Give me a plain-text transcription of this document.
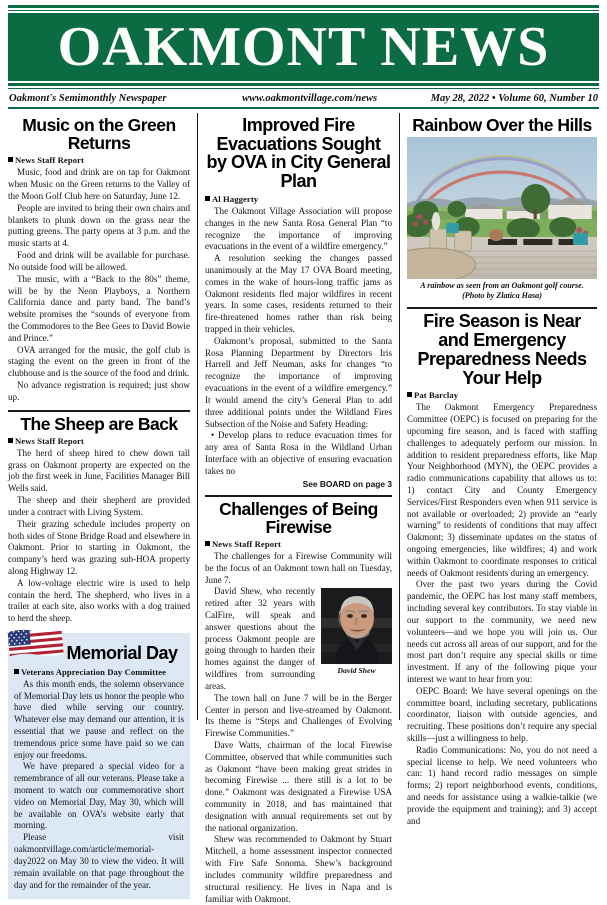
OAKMONT NEWS
Oakmont's Semimonthly Newspaper	www.oakmontvillage.com/news	May 28, 2022 • Volume 60, Number 10
Music on the Green Returns
News Staff Report

Music, food and drink are on tap for Oakmont when Music on the Green returns to the Valley of the Moon Golf Club here on Saturday, June 12.

People are invited to bring their own chairs and blankets to plunk down on the grass near the putting greens. The party opens at 3 p.m. and the music starts at 4.

Food and drink will be available for purchase. No outside food will be allowed.

The music, with a “Back to the 80s” theme, will be by the Neon Playboys, a Northern California dance and party band. The band’s website promises the “sounds of everyone from the Commodores to the Bee Gees to David Bowie and Prince.”

OVA arranged for the music, the golf club is staging the event on the green in front of the clubhouse and is the source of the food and drink.

No advance registration is required; just show up.

The Sheep are Back
News Staff Report

The herd of sheep hired to chew down tall grass on Oakmont property are expected on the job the first week in June, Facilities Manager Bill Wells said.

The sheep and their shepherd are provided under a contract with Living System.

Their grazing schedule includes property on both sides of Stone Bridge Road and elsewhere in Oakmont. Prior to starting in Oakmont, the company’s herd was grazing sub-HOA property along Highway 12.

A low-voltage electric wire is used to help contain the herd. The shepherd, who lives in a trailer at each site, also works with a dog trained to herd the sheep.

Memorial Day
Veterans Appreciation Day Committee

As this month ends, the solemn observance of Memorial Day lets us honor the people who have died while serving our country. Whatever else may demand our attention, it is essential that we pause and reflect on the tremendous price some have paid so we can enjoy our freedoms.

We have prepared a special video for a remembrance of all our veterans. Please take a moment to watch our commemorative short video on Memorial Day, May 30, which will be available on OVA’s website early that morning.

Please visit oakmontvillage.com/article/memorial-day2022 on May 30 to view the video. It will remain available on that page throughout the day and for the remainder of the year.

Improved Fire Evacuations Sought by OVA in City General Plan
Al Haggerty

The Oakmont Village Association will propose changes in the new Santa Rosa General Plan “to recognize the importance of improving evacuations in the event of a wildfire emergency.”

A resolution seeking the changes passed unanimously at the May 17 OVA Board meeting, comes in the wake of hours-long traffic jams as Oakmont residents fled major wildfires in recent years. In some cases, residents returned to their fire-threatened homes rather than risk being trapped in their vehicles.

Oakmont’s proposal, submitted to the Santa Rosa Planning Department by Directors Iris Harrell and Jeff Neuman, asks for changes “to recognize the importance of improving evacuations in the event of a wildfire emergency.” It would amend the city’s General Plan to add three additional points under the Wildland Fires Subsection of the Noise and Safety Heading:

• Develop plans to reduce evacuation times for any area of Santa Rosa in the Wildland Urban Interface with an objective of ensuring evacuation takes no

See BOARD on page 3
Challenges of Being Firewise
News Staff Report

The challenges for a Firewise Community will be the focus of an Oakmont town hall on Tuesday, June 7.

David Shew

David Shew, who recently retired after 32 years with CalFire, will speak and answer questions about the process Oakmont people are going through to harden their homes against the danger of wildfires from surrounding areas.

The town hall on June 7 will be in the Berger Center in person and live-streamed by Oakmont. Its theme is “Steps and Challenges of Evolving Firewise Communities.”

Dave Watts, chairman of the local Firewise Committee, observed that while communities such as Oakmont “have been making great strides in becoming Firewise ... there still is a lot to be done.” Oakmont was designated a Firewise USA community in 2018, and has maintained that designation with annual requirements set out by the national organization.

Shew was recommended to Oakmont by Stuart Mitchell, a home assessment inspector connected with Fire Safe Sonoma. Shew’s background includes community wildfire preparedness and structural resiliency. He lives in Napa and is familiar with Oakmont.

Rainbow Over the Hills
A rainbow as seen from an Oakmont golf course.
(Photo by Zlatica Hasa)
Fire Season is Near and Emergency Preparedness Needs Your Help
Pat Barclay

The Oakmont Emergency Preparedness Committee (OEPC) is focused on preparing for the upcoming fire season, and is faced with staffing challenges to adequately perform our mission. In addition to resident preparedness efforts, like Map Your Neighborhood (MYN), the OEPC provides a radio communications capability that allows us to: 1) contact City and County Emergency Services/First Responders even when 911 service is not available or overloaded; 2) provide an “early warning” to residents of conditions that may affect Oakmont; 3) disseminate updates on the status of ongoing emergencies, like wildfires; 4) and work within Oakmont to coordinate responses to critical needs of Oakmont residents during an emergency.

Over the past two years during the Covid pandemic, the OEPC has lost many staff members, including several key contributors. To stay viable in our support to the community, we need new volunteers—and we hope you will join us. Our needs cut across all areas of our support, and for the most part don’t require any special skills or time investment. If any of the following pique your interest we want to hear from you:

OEPC Board: We have several openings on the committee board, including secretary, publications coordinator, liaison with outside agencies, and recruiting. These positions don’t require any special skills—just a willingness to help.

Radio Communications: No, you do not need a special license to help. We need volunteers who can: 1) hand record radio messages on simple forms; 2) report neighborhood events, conditions, and needs for assistance using a walkie-talkie (we provide the equipment and training); and 3) accept and
